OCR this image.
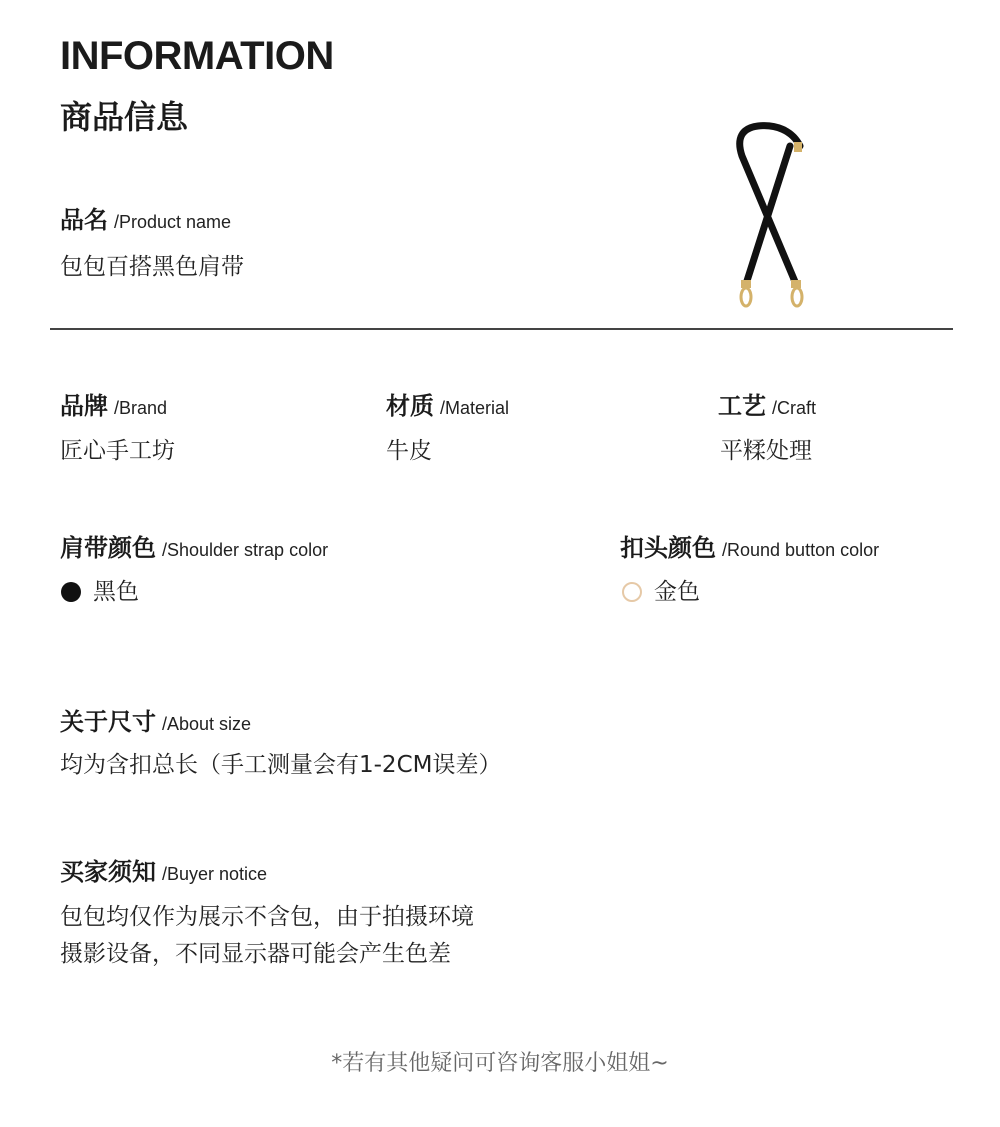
INFORMATION
商品信息
品名 /Product name
包包百搭黑色肩带
品牌 /Brand
匠心手工坊
材质 /Material
牛皮
工艺 /Craft
平糅处理
肩带颜色 /Shoulder strap color
黑色
扣头颜色 /Round button color
金色
关于尺寸 /About size
均为含扣总长（手工测量会有1-2CM误差）
买家须知 /Buyer notice
包包均仅作为展示不含包，由于拍摄环境
摄影设备，不同显示器可能会产生色差
*若有其他疑问可咨询客服小姐姐~
